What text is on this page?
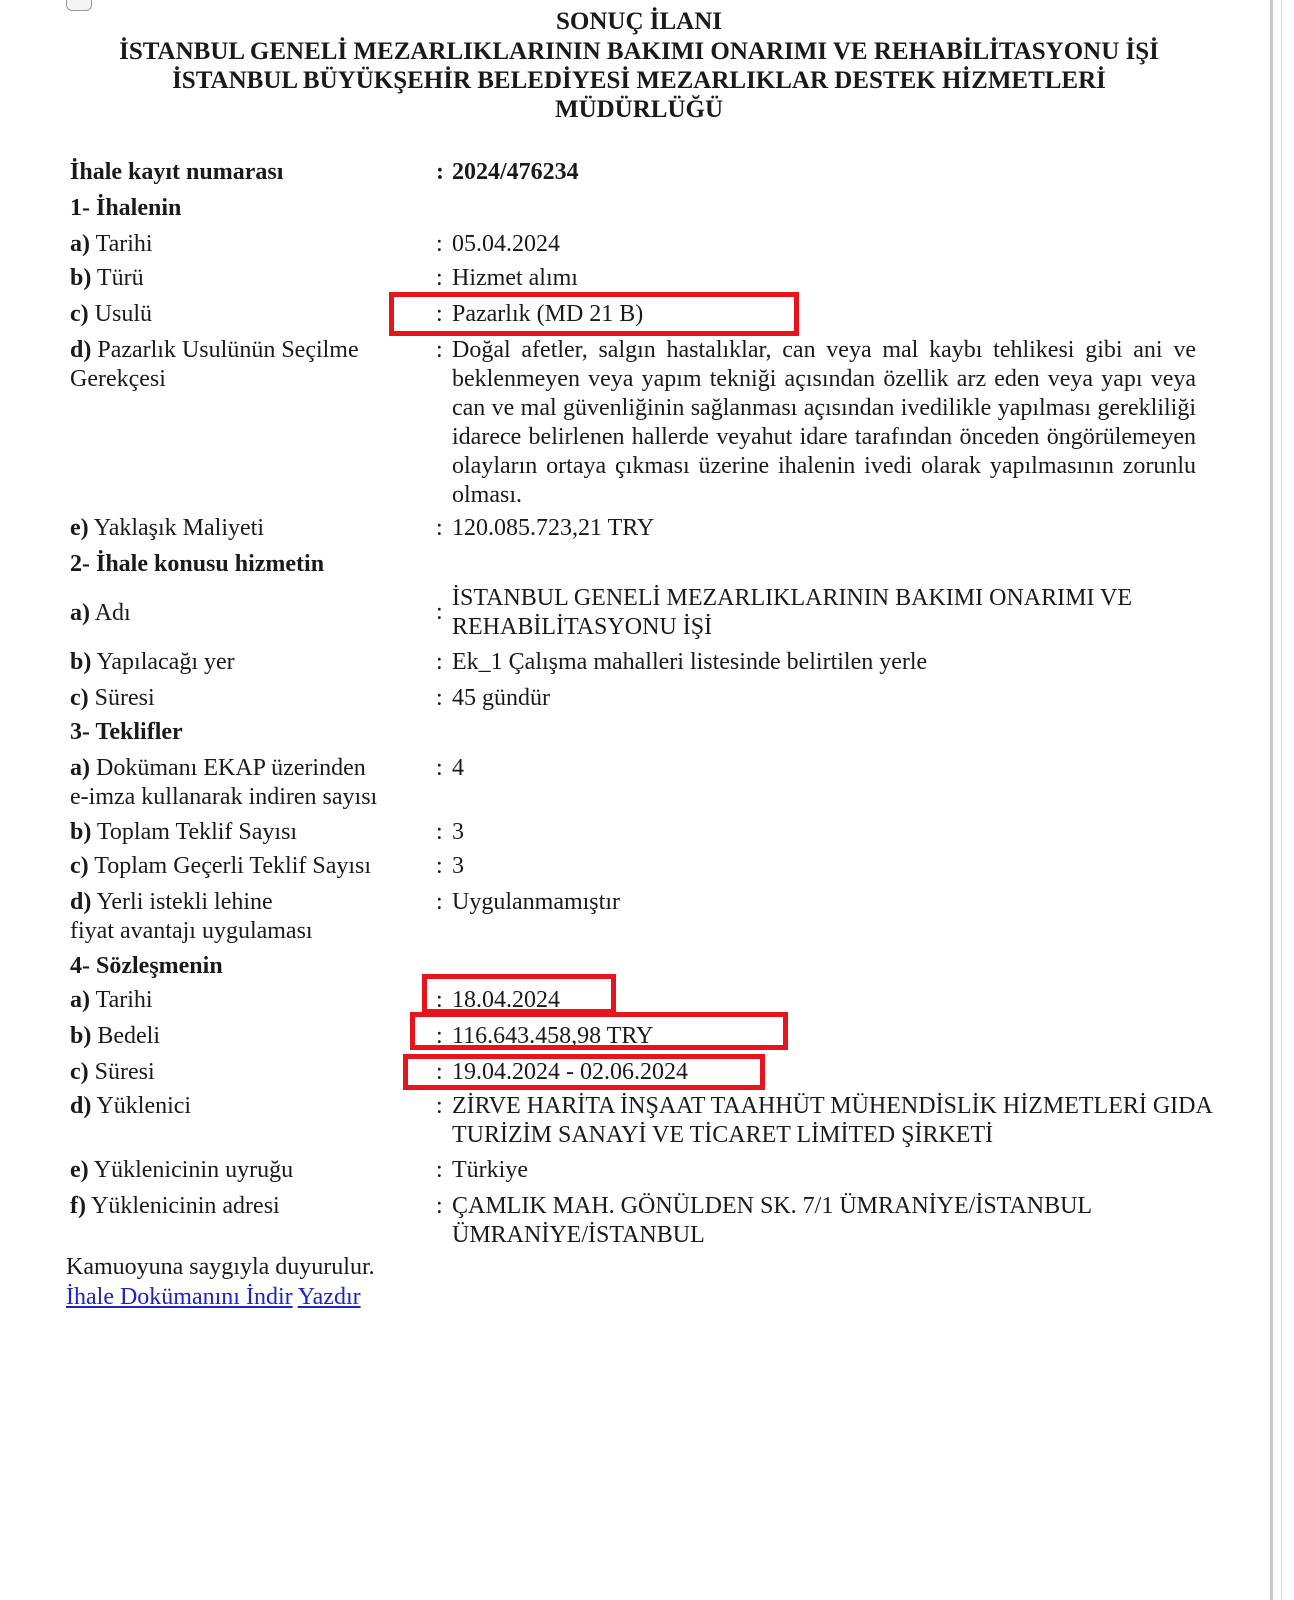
SONUÇ İLANI
İSTANBUL GENELİ MEZARLIKLARININ BAKIMI ONARIMI VE REHABİLİTASYONU İŞİ
İSTANBUL BÜYÜKŞEHİR BELEDİYESİ MEZARLIKLAR DESTEK HİZMETLERİ
MÜDÜRLÜĞÜ
İhale kayıt numarası	: 2024/476234
1- İhalenin
a) Tarihi	: 05.04.2024
b) Türü	: Hizmet alımı
c) Usulü	: Pazarlık (MD 21 B)
d) Pazarlık Usulünün Seçilme
Gerekçesi
: Doğal afetler, salgın hastalıklar, can veya mal kaybı tehlikesi gibi ani ve beklenmeyen veya yapım tekniği açısından özellik arz eden veya yapı veya can ve mal güvenliğinin sağlanması açısından ivedilikle yapılması gerekliliği idarece belirlenen hallerde veyahut idare tarafından önceden öngörülemeyen olayların ortaya çıkması üzerine ihalenin ivedi olarak yapılmasının zorunlu olması.
e) Yaklaşık Maliyeti	: 120.085.723,21 TRY
2- İhale konusu hizmetin
a) Adı	:
İSTANBUL GENELİ MEZARLIKLARININ BAKIMI ONARIMI VE REHABİLİTASYONU İŞİ
b) Yapılacağı yer	: Ek_1 Çalışma mahalleri listesinde belirtilen yerle
c) Süresi	: 45 gündür
3- Teklifler
a) Dokümanı EKAP üzerinden
e-imza kullanarak indiren sayısı
: 4
b) Toplam Teklif Sayısı	: 3
c) Toplam Geçerli Teklif Sayısı	: 3
d) Yerli istekli lehine
fiyat avantajı uygulaması
: Uygulanmamıştır
4- Sözleşmenin
a) Tarihi	: 18.04.2024
b) Bedeli	: 116.643.458,98 TRY
c) Süresi	: 19.04.2024 - 02.06.2024
d) Yüklenici	: ZİRVE HARİTA İNŞAAT TAAHHÜT MÜHENDİSLİK HİZMETLERİ GIDA TURİZİM SANAYİ VE TİCARET LİMİTED ŞİRKETİ
e) Yüklenicinin uyruğu	: Türkiye
f) Yüklenicinin adresi	: ÇAMLIK MAH. GÖNÜLDEN SK. 7/1 ÜMRANİYE/İSTANBUL ÜMRANİYE/İSTANBUL
Kamuoyuna saygıyla duyurulur.
İhale Dokümanını İndir Yazdır
